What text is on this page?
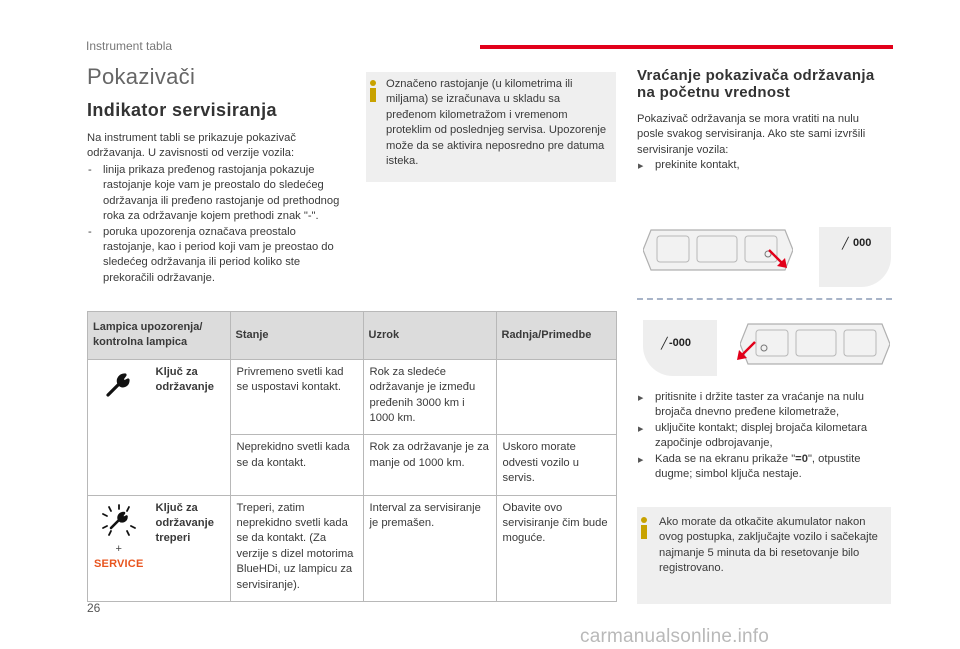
Instrument tabla
Pokazivači
Indikator servisiranja
Na instrument tabli se prikazuje pokazivač održavanja. U zavisnosti od verzije vozila:
- linija prikaza pređenog rastojanja pokazuje rastojanje koje vam je preostalo do sledećeg održavanja ili pređeno rastojanje od prethodnog roka za održavanje kojem prethodi znak "-".
- poruka upozorenja označava preostalo rastojanje, kao i period koji vam je preostao do sledećeg održavanja ili period koliko ste prekoračili održavanje.
Označeno rastojanje (u kilometrima ili miljama) se izračunava u skladu sa pređenom kilometražom i vremenom proteklim od poslednjeg servisa. Upozorenje može da se aktivira neposredno pre datuma isteka.
Lampica upozorenja/ kontrolna lampica		Stanje	Uzrok	Radnja/Primedbe
	Ključ za održavanje	Privremeno svetli kad se uspostavi kontakt.	Rok za sledeće održavanje je između pređenih 3000 km i 1000 km.	
		Neprekidno svetli kada se da kontakt.	Rok za održavanje je za manje od 1000 km.	Uskoro morate odvesti vozilo u servis.

+
SERVICE	Ključ za održavanje treperi	Treperi, zatim neprekidno svetli kada se da kontakt. (Za verzije s dizel motorima BlueHDi, uz lampicu za servisiranje).	Interval za servisiranje je premašen.	Obavite ovo servisiranje čim bude moguće.
Vraćanje pokazivača održavanja na početnu vrednost
Pokazivač održavanja se mora vratiti na nulu posle svakog servisiranja. Ako ste sami izvršili servisiranje vozila:
▶ prekinite kontakt,
╱ 000
╱ -000
▶ pritisnite i držite taster za vraćanje na nulu brojača dnevno pređene kilometraže,
▶ uključite kontakt; displej brojača kilometara započinje odbrojavanje,
▶ Kada se na ekranu prikaže "=0", otpustite dugme; simbol ključa nestaje.
Ako morate da otkačite akumulator nakon ovog postupka, zaključajte vozilo i sačekajte najmanje 5 minuta da bi resetovanje bilo registrovano.
26
carmanualsonline.info
